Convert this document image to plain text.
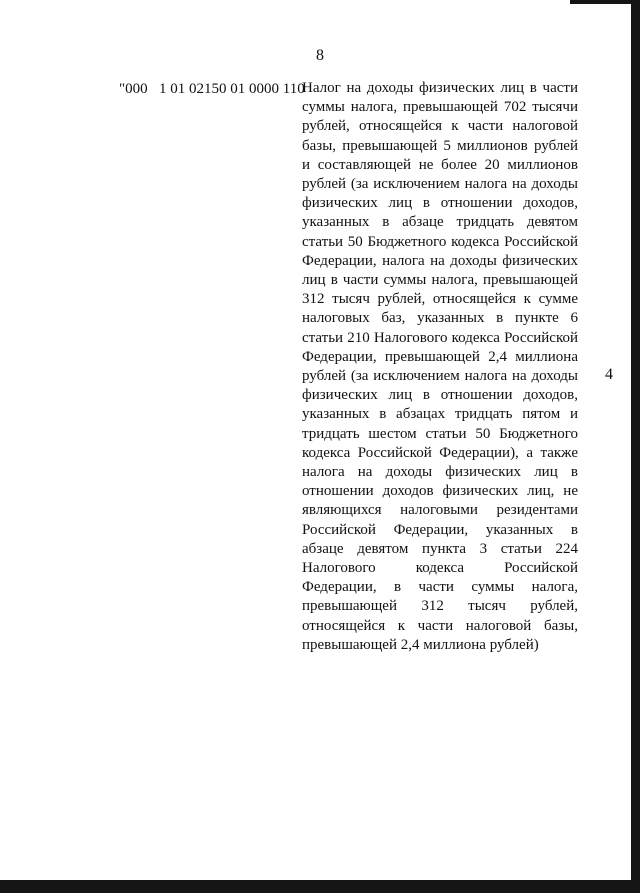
8
"000 1 01 02150 01 0000 110
Налог на доходы физических лиц в части суммы налога, превышающей 702 тысячи рублей, относящейся к части налоговой базы, превышающей 5 миллионов рублей и составляющей не более 20 миллионов рублей (за исключением налога на доходы физических лиц в отношении доходов, указанных в абзаце тридцать девятом статьи 50 Бюджетного кодекса Российской Федерации, налога на доходы физических лиц в части суммы налога, превышающей 312 тысяч рублей, относящейся к сумме налоговых баз, указанных в пункте 6 статьи 210 Налогового кодекса Российской Федерации, превышающей 2,4 миллиона рублей (за исключением налога на доходы физических лиц в отношении доходов, указанных в абзацах тридцать пятом и тридцать шестом статьи 50 Бюджетного кодекса Российской Федерации), а также налога на доходы физических лиц в отношении доходов физических лиц, не являющихся налоговыми резидентами Российской Федерации, указанных в абзаце девятом пункта 3 статьи 224 Налогового кодекса Российской Федерации, в части суммы налога, превышающей 312 тысяч рублей, относящейся к части налоговой базы, превышающей 2,4 миллиона рублей)
4
